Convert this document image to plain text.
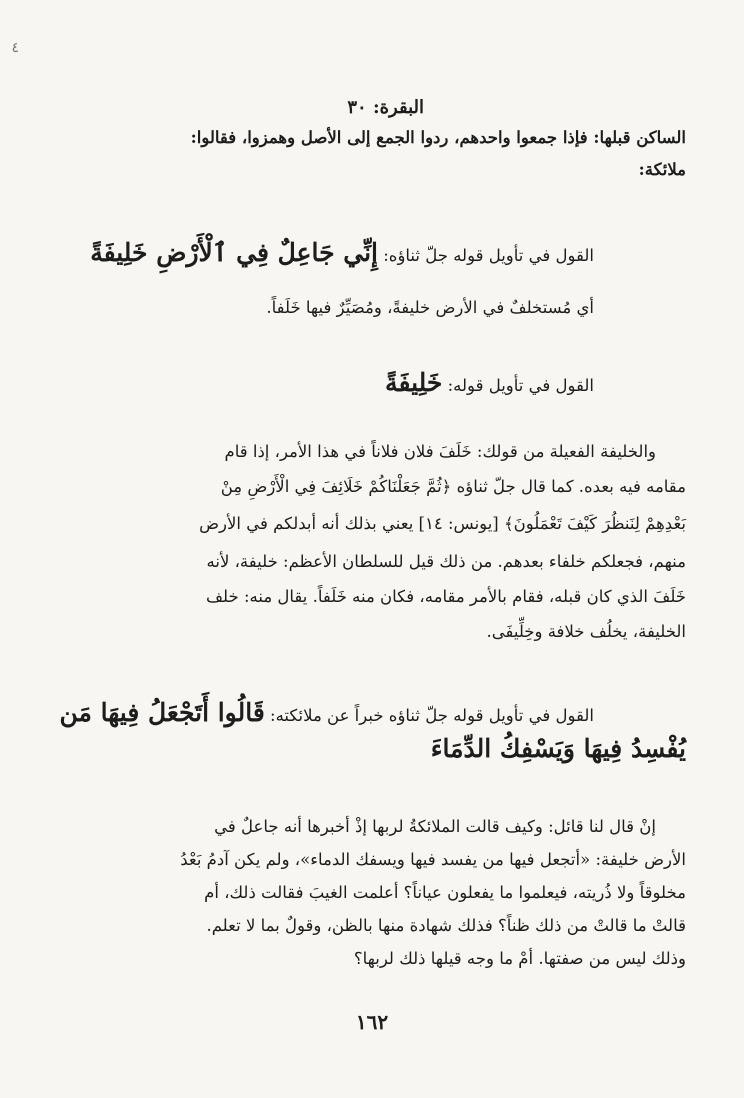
٤
البقرة: ٣٠
الساكن قبلها: فإذا جمعوا واحدهم، ردوا الجمع إلى الأصل وهمزوا، فقالوا:
ملائكة:
القول في تأويل قوله جلّ ثناؤه: إِنِّي جَاعِلٌ فِي ٱلْأَرْضِ خَلِيفَةً
أي مُستخلفٌ في الأرض خليفةً، ومُصَيِّرٌ فيها خَلَفاً.
القول في تأويل قوله: خَلِيفَةً
والخليفة الفعيلة من قولك: خَلَفَ فلان فلاناً في هذا الأمر، إذا قام
مقامه فيه بعده. كما قال جلّ ثناؤه ﴿ثُمَّ جَعَلْنَاكُمْ خَلَائِفَ فِي الْأَرْضِ مِنْ
بَعْدِهِمْ لِنَنظُرَ كَيْفَ تَعْمَلُونَ﴾ [يونس: ١٤] يعني بذلك أنه أبدلكم في الأرض
منهم، فجعلكم خلفاء بعدهم. من ذلك قيل للسلطان الأعظم: خليفة، لأنه
خَلَفَ الذي كان قبله، فقام بالأمر مقامه، فكان منه خَلَفاً. يقال منه: خلف
الخليفة، يخلُف خلافة وخِلِّيفَى.
القول في تأويل قوله جلّ ثناؤه خبراً عن ملائكته: قَالُوا أَتَجْعَلُ فِيهَا مَن
يُفْسِدُ فِيهَا وَيَسْفِكُ الدِّمَاءَ
إنْ قال لنا قائل: وكيف قالت الملائكةُ لربها إذْ أخبرها أنه جاعلٌ في
الأرض خليفة: «أتجعل فيها من يفسد فيها ويسفك الدماء»، ولم يكن آدمُ بَعْدُ
مخلوقاً ولا ذُريته، فيعلموا ما يفعلون عياناً؟ أعلمت الغيبَ فقالت ذلك، أم
قالتْ ما قالتْ من ذلك ظناً؟ فذلك شهادة منها بالظن، وقولٌ بما لا تعلم.
وذلك ليس من صفتها. أمْ ما وجه قيلها ذلك لربها؟
١٦٢
